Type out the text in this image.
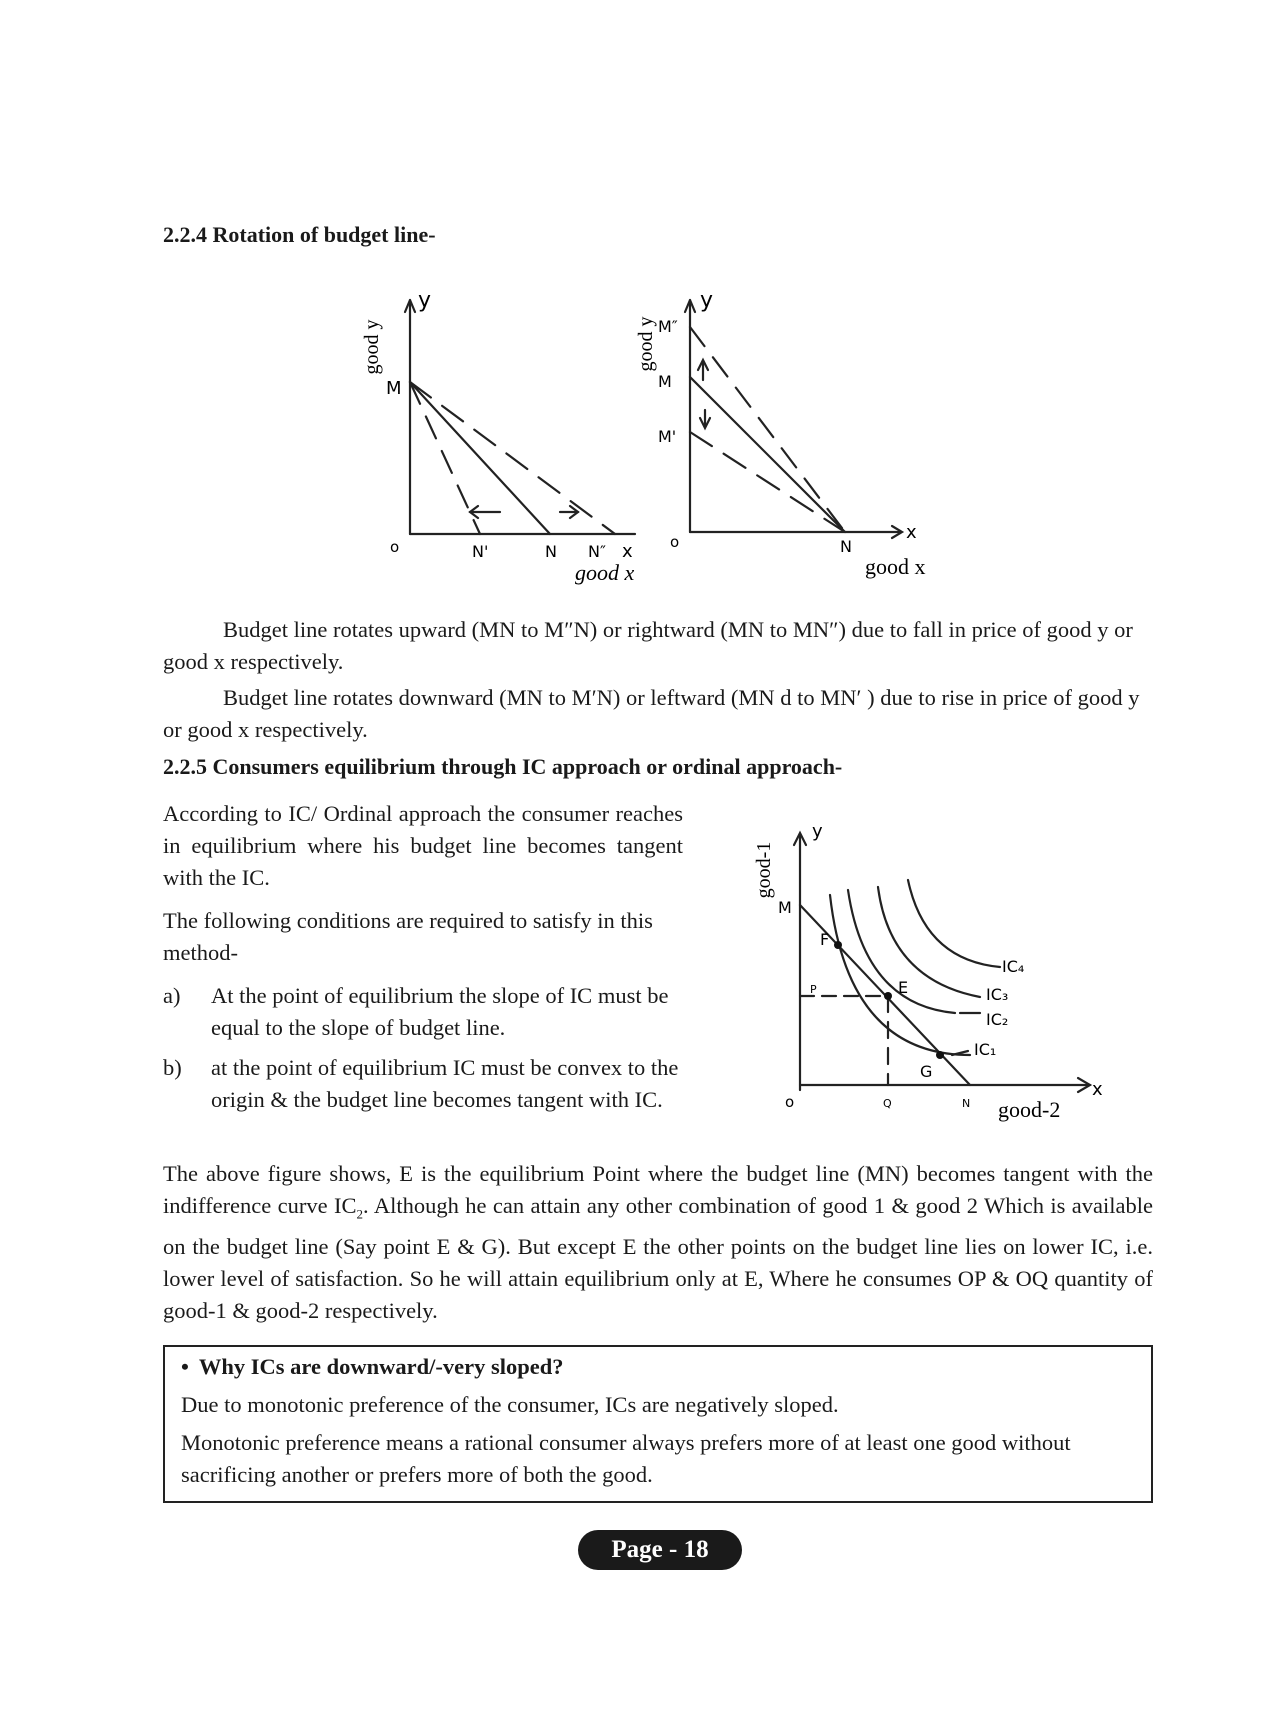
2.2.4 Rotation of budget line-
good y
y
M
o	N'	N N″ x
good x
good y
y
M″
M
M'
o	N
x
good x
Budget line rotates upward (MN to M″N) or rightward (MN to MN″) due to fall in price of good y or good x respectively.
Budget line rotates downward (MN to M′N) or leftward (MN d to MN′ ) due to rise in price of good y or good x respectively.
2.2.5 Consumers equilibrium through IC approach or ordinal approach-
According to IC/ Ordinal approach the consumer reaches in equilibrium where his budget line becomes tangent with the IC.
The following conditions are required to satisfy in this method-
a) At the point of equilibrium the slope of IC must be equal to the slope of budget line.
b) at the point of equilibrium IC must be convex to the origin & the budget line becomes tangent with IC.
good-1
y
M
P
F
E
G
o	Q	N
IC₄
IC₃
IC₂
IC₁
x
good-2
The above figure shows, E is the equilibrium Point where the budget line (MN) becomes tangent with the indifference curve $IC_2$. Although he can attain any other combination of good 1 & good 2 Which is available on the budget line (Say point E & G). But except E the other points on the budget line lies on lower IC, i.e. lower level of satisfaction. So he will attain equilibrium only at E, Where he consumes OP & OQ quantity of good-1 & good-2 respectively.
• Why ICs are downward/-very sloped?
Due to monotonic preference of the consumer, ICs are negatively sloped.
Monotonic preference means a rational consumer always prefers more of at least one good without sacrificing another or prefers more of both the good.
Page - 18
